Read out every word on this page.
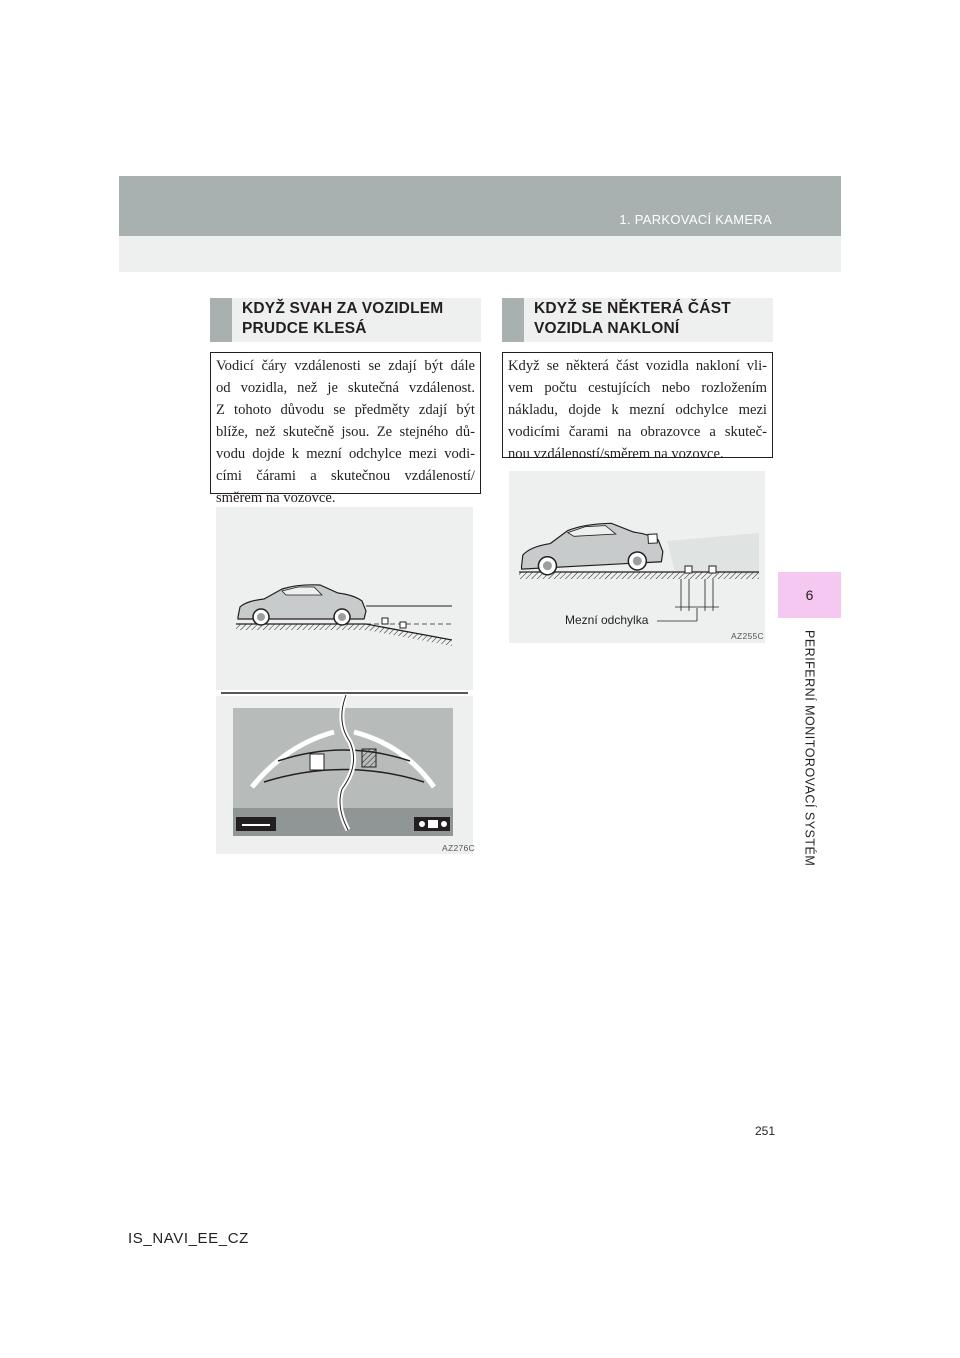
1. PARKOVACÍ KAMERA
6
PERIFERNÍ MONITOROVACÍ SYSTÉM
KDYŽ SVAH ZA VOZIDLEM
PRUDCE KLESÁ
Vodicí čáry vzdálenosti se zdají být dále
od vozidla, než je skutečná vzdálenost.
Z tohoto důvodu se předměty zdají být
blíže, než skutečně jsou. Ze stejného dů-
vodu dojde k mezní odchylce mezi vodi-
cími čárami a skutečnou vzdáleností/
směrem na vozovce.
AZ276C
KDYŽ SE NĚKTERÁ ČÁST
VOZIDLA NAKLONÍ
Když se některá část vozidla nakloní vli-
vem počtu cestujících nebo rozložením
nákladu, dojde k mezní odchylce mezi
vodicími čarami na obrazovce a skuteč-
nou vzdáleností/směrem na vozovce.
Mezní odchylka
AZ255C
251
IS_NAVI_EE_CZ
